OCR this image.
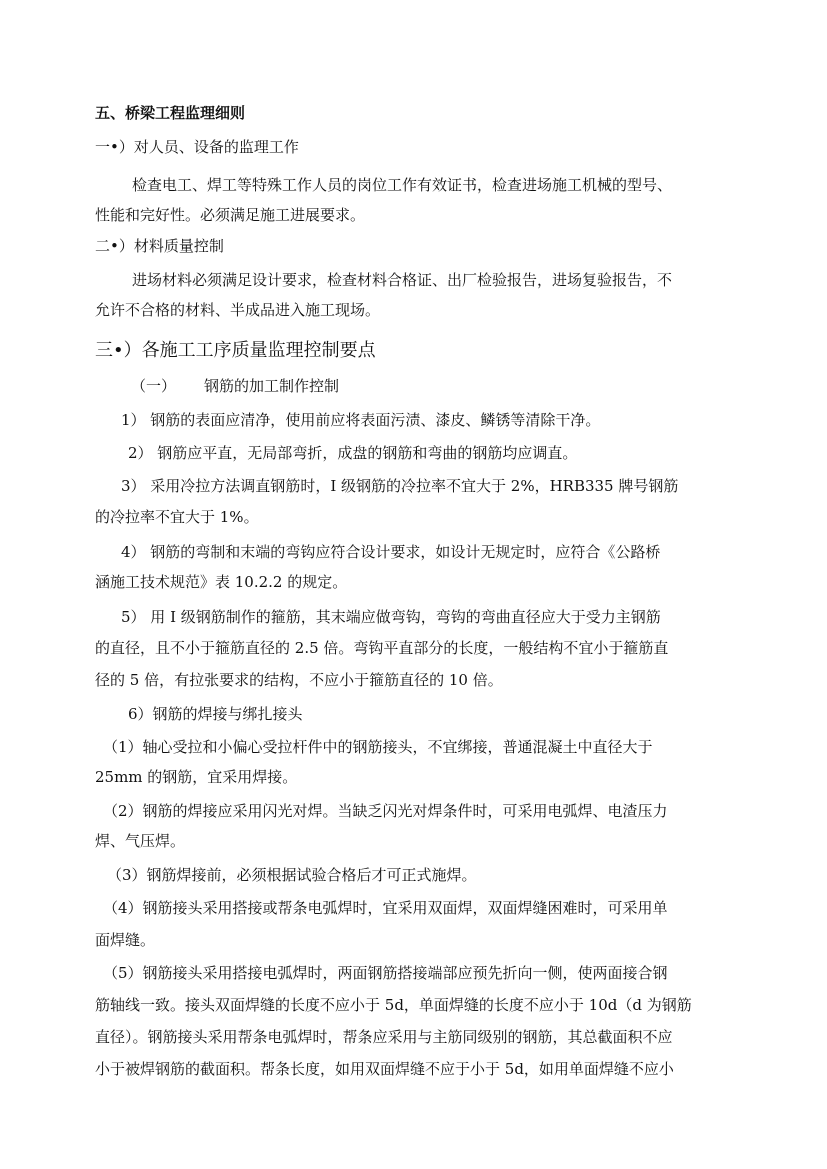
五、桥梁工程监理细则
一•）对人员、设备的监理工作
检查电工、焊工等特殊工作人员的岗位工作有效证书，检查进场施工机械的型号、
性能和完好性。必须满足施工进展要求。
二•）材料质量控制
进场材料必须满足设计要求，检查材料合格证、出厂检验报告，进场复验报告，不
允许不合格的材料、半成品进入施工现场。
三•）各施工工序质量监理控制要点
（一） 钢筋的加工制作控制
1） 钢筋的表面应清净，使用前应将表面污渍、漆皮、鳞锈等清除干净。
2） 钢筋应平直，无局部弯折，成盘的钢筋和弯曲的钢筋均应调直。
3） 采用冷拉方法调直钢筋时，I 级钢筋的冷拉率不宜大于 2%，HRB335 牌号钢筋
的冷拉率不宜大于 1%。
4） 钢筋的弯制和末端的弯钩应符合设计要求，如设计无规定时，应符合《公路桥
涵施工技术规范》表 10.2.2 的规定。
5） 用 I 级钢筋制作的箍筋，其末端应做弯钩，弯钩的弯曲直径应大于受力主钢筋
的直径，且不小于箍筋直径的 2.5 倍。弯钩平直部分的长度，一般结构不宜小于箍筋直
径的 5 倍，有拉张要求的结构，不应小于箍筋直径的 10 倍。
6）钢筋的焊接与绑扎接头
（1）轴心受拉和小偏心受拉杆件中的钢筋接头，不宜绑接，普通混凝土中直径大于
25mm 的钢筋，宜采用焊接。
（2）钢筋的焊接应采用闪光对焊。当缺乏闪光对焊条件时，可采用电弧焊、电渣压力
焊、气压焊。
（3）钢筋焊接前，必须根据试验合格后才可正式施焊。
（4）钢筋接头采用搭接或帮条电弧焊时，宜采用双面焊，双面焊缝困难时，可采用单
面焊缝。
（5）钢筋接头采用搭接电弧焊时，两面钢筋搭接端部应预先折向一侧，使两面接合钢
筋轴线一致。接头双面焊缝的长度不应小于 5d，单面焊缝的长度不应小于 10d（d 为钢筋
直径）。钢筋接头采用帮条电弧焊时，帮条应采用与主筋同级别的钢筋，其总截面积不应
小于被焊钢筋的截面积。帮条长度，如用双面焊缝不应于小于 5d，如用单面焊缝不应小
